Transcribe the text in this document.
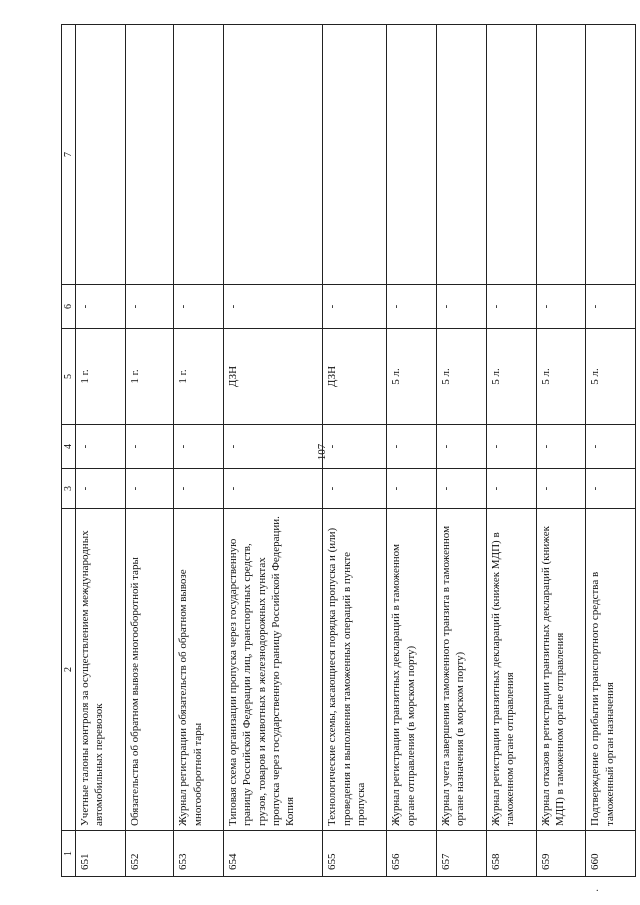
107
1	2	3	4	5	6	7
651	Учетные талоны контроля за осуществлением международных автомобильных перевозок	-	-	1 г.	-	
652	Обязательства об обратном вывозе многооборотной тары	-	-	1 г.	-	
653	Журнал регистрации обязательств об обратном вывозе многооборотной тары	-	-	1 г.	-	
654	Типовая схема организации пропуска через государственную границу Российской Федерации лиц, транспортных средств, грузов, товаров и животных в железнодорожных пунктах пропуска через государственную границу Российской Федерации. Копия	-	-	ДЗН	-	
655	Технологические схемы, касающиеся порядка пропуска и (или) проведения и выполнения таможенных операций в пункте пропуска	-	-	ДЗН	-	
656	Журнал регистрации транзитных деклараций в таможенном органе отправления (в морском порту)	-	-	5 л.	-	
657	Журнал учета завершения таможенного транзита в таможенном органе назначения (в морском порту)	-	-	5 л.	-	
658	Журнал регистрации транзитных деклараций (книжек МДП) в таможенном органе отправления	-	-	5 л.	-	
659	Журнал отказов в регистрации транзитных деклараций (книжек МДП) в таможенном органе отправления	-	-	5 л.	-	
660	Подтверждение о прибытии транспортного средства в таможенный орган назначения	-	-	5 л.	-	
.
